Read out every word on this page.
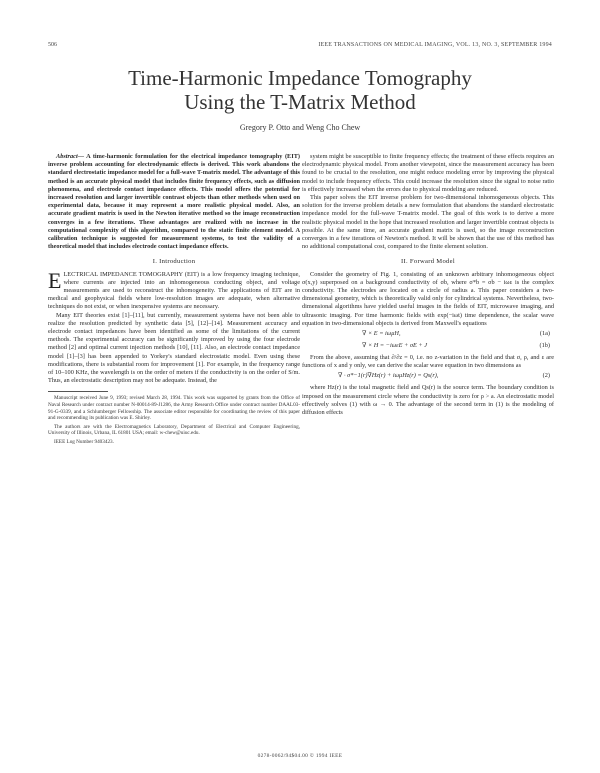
506	IEEE TRANSACTIONS ON MEDICAL IMAGING, VOL. 13, NO. 3, SEPTEMBER 1994
Time-Harmonic Impedance Tomography
Using the T-Matrix Method
Gregory P. Otto and Weng Cho Chew

Abstract— A time-harmonic formulation for the electrical impedance tomography (EIT) inverse problem accounting for electrodynamic effects is derived. This work abandons the standard electrostatic impedance model for a full-wave T-matrix model. The advantage of this method is an accurate physical model that includes finite frequency effects, such as diffusion phenomena, and electrode contact impedance effects. This model offers the potential for increased resolution and larger invertible contrast objects than other methods when used on experimental data, because it may represent a more realistic physical model. Also, an accurate gradient matrix is used in the Newton iterative method so the image reconstruction converges in a few iterations. These advantages are realized with no increase in the computational complexity of this algorithm, compared to the static finite element model. A calibration technique is suggested for measurement systems, to test the validity of a theoretical model that includes electrode contact impedance effects.

I. Introduction

ELECTRICAL IMPEDANCE TOMOGRAPHY (EIT) is a low frequency imaging technique, where currents are injected into an inhomogeneous conducting object, and voltage measurements are used to reconstruct the inhomogeneity. The applications of EIT are in medical and geophysical fields where low-resolution images are adequate, when alternative techniques do not exist, or when inexpensive systems are necessary.

Many EIT theories exist [1]–[11], but currently, measurement systems have not been able to realize the resolution predicted by synthetic data [5], [12]–[14]. Measurement accuracy and electrode contact impedances have been identified as some of the limitations of the current methods. The experimental accuracy can be significantly improved by using the four electrode method [2] and optimal current injection methods [10], [11]. Also, an electrode contact impedance model [1]–[3] has been appended to Yorkey's standard electrostatic model. Even using these modifications, there is substantial room for improvement [1]. For example, in the frequency range of 10–100 KHz, the wavelength is on the order of meters if the conductivity is on the order of S/m. Thus, an electrostatic description may not be adequate. Instead, the

Manuscript received June 9, 1993; revised March 28, 1994. This work was supported by grants from the Office of Naval Research under contract number N-00014-89-J1286, the Army Research Office under contract number DAAL03-91-G-0339, and a Schlumberger Fellowship. The associate editor responsible for coordinating the review of this paper and recommending its publication was E. Shirley.

The authors are with the Electromagnetics Laboratory, Department of Electrical and Computer Engineering, University of Illinois, Urbana, IL 61801 USA; email: w-chew@uiuc.edu.

IEEE Log Number 9403423.

system might be susceptible to finite frequency effects; the treatment of these effects requires an electrodynamic physical model. From another viewpoint, since the measurement accuracy has been found to be crucial to the resolution, one might reduce modeling error by improving the physical model to include frequency effects. This could increase the resolution since the signal to noise ratio is effectively increased when the errors due to physical modeling are reduced.

This paper solves the EIT inverse problem for two-dimensional inhomogeneous objects. This solution for the inverse problem details a new formulation that abandons the standard electrostatic impedance model for the full-wave T-matrix model. The goal of this work is to derive a more realistic physical model in the hope that increased resolution and larger invertible contrast objects is possible. At the same time, an accurate gradient matrix is used, so the image reconstruction converges in a few iterations of Newton's method. It will be shown that the use of this method has no additional computational cost, compared to the finite element solution.

II. Forward Model

Consider the geometry of Fig. 1, consisting of an unknown arbitrary inhomogeneous object σ(x,y) superposed on a background conductivity of σb, where σ*b = σb − iωε is the complex conductivity. The electrodes are located on a circle of radius a. This paper considers a two-dimensional geometry, which is theoretically valid only for cylindrical systems. Nevertheless, two-dimensional algorithms have yielded useful images in the fields of EIT, microwave imaging, and ultrasonic imaging. For time harmonic fields with exp(−iωt) time dependence, the scalar wave equation in two-dimensional objects is derived from Maxwell's equations

∇ × E = iωμH,	(1a)
∇ × H = −iωεE + σE + J	(1b)

From the above, assuming that ∂/∂z = 0, i.e. no z-variation in the field and that σ, ρ, and ε are functions of x and y only, we can derive the scalar wave equation in two dimensions as

∇ · σ*−1(r)∇Hz(r) + iωμHz(r) = Qs(r),	(2)

where Hz(r) is the total magnetic field and Qs(r) is the source term. The boundary condition is imposed on the measurement circle where the conductivity is zero for ρ > a. An electrostatic model effectively solves (1) with ω → 0. The advantage of the second term in (1) is the modeling of diffusion effects

0278-0062/94$04.00 © 1994 IEEE
